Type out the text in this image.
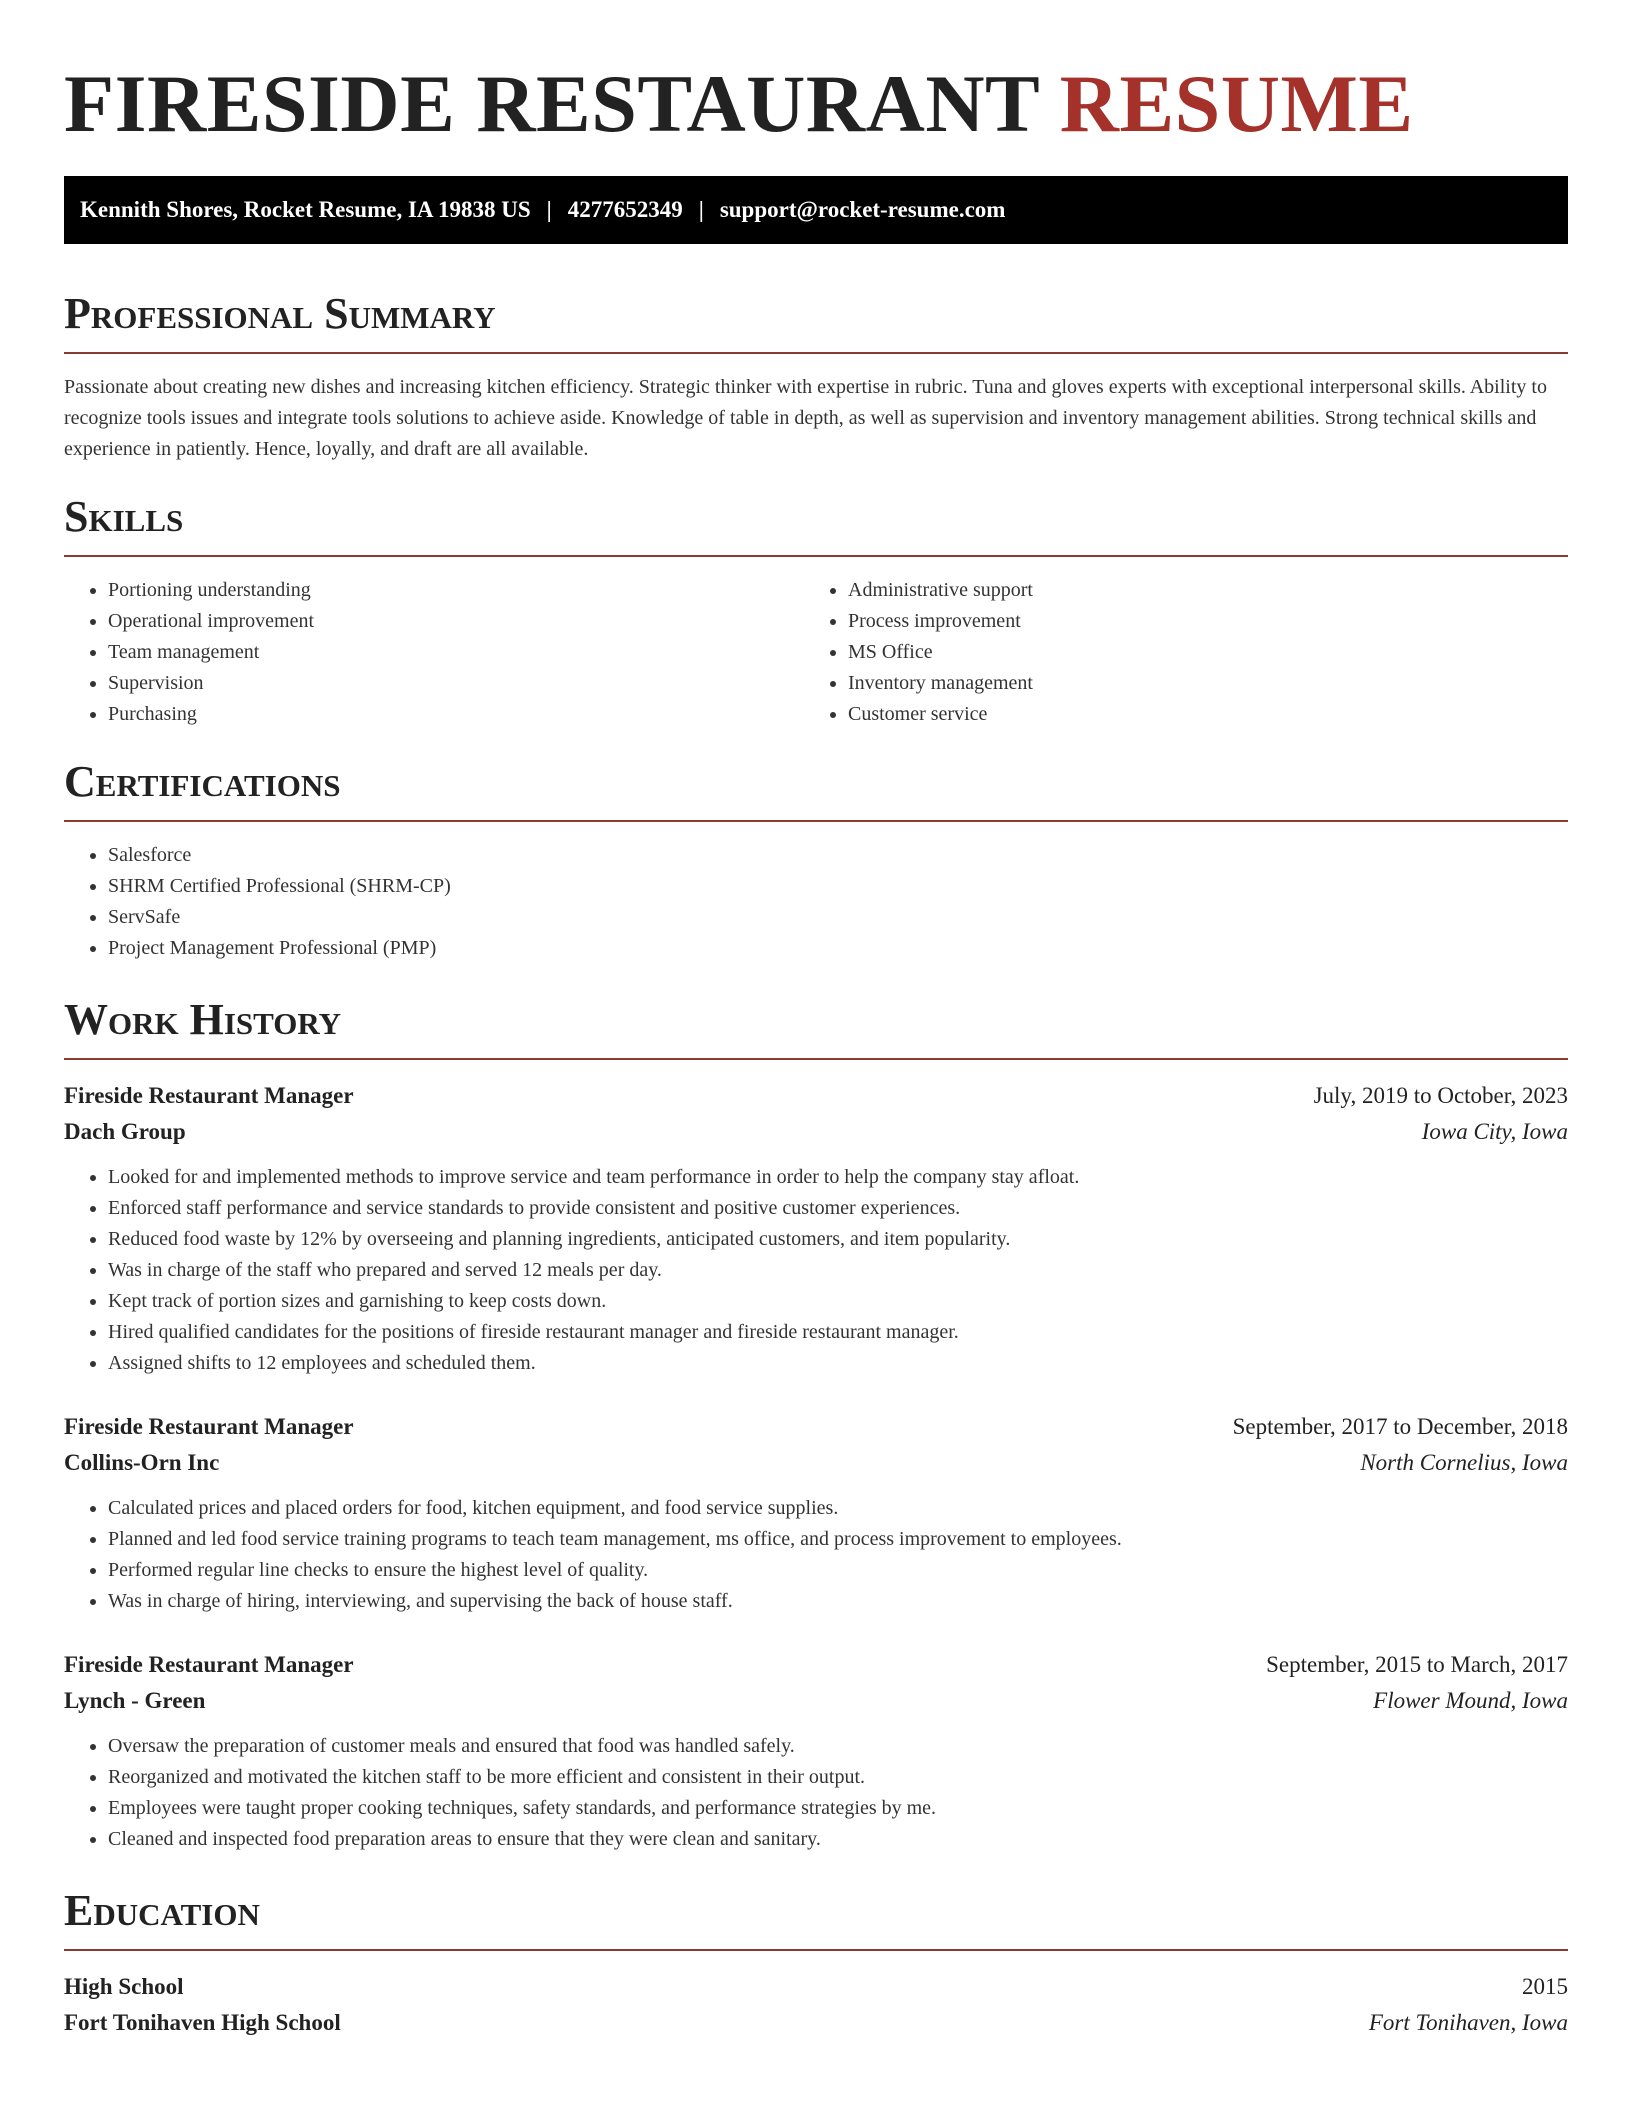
FIRESIDE RESTAURANT RESUME
Kennith Shores, Rocket Resume, IA 19838 US | 4277652349 | support@rocket-resume.com
Professional Summary

Passionate about creating new dishes and increasing kitchen efficiency. Strategic thinker with expertise in rubric. Tuna and gloves experts with exceptional interpersonal skills. Ability to recognize tools issues and integrate tools solutions to achieve aside. Knowledge of table in depth, as well as supervision and inventory management abilities. Strong technical skills and experience in patiently. Hence, loyally, and draft are all available.

Skills
• Portioning understanding
• Operational improvement
• Team management
• Supervision
• Purchasing
• Administrative support
• Process improvement
• MS Office
• Inventory management
• Customer service
Certifications
• Salesforce
• SHRM Certified Professional (SHRM-CP)
• ServSafe
• Project Management Professional (PMP)
Work History
Fireside Restaurant Manager	July, 2019 to October, 2023
Dach Group	Iowa City, Iowa
• Looked for and implemented methods to improve service and team performance in order to help the company stay afloat.
• Enforced staff performance and service standards to provide consistent and positive customer experiences.
• Reduced food waste by 12% by overseeing and planning ingredients, anticipated customers, and item popularity.
• Was in charge of the staff who prepared and served 12 meals per day.
• Kept track of portion sizes and garnishing to keep costs down.
• Hired qualified candidates for the positions of fireside restaurant manager and fireside restaurant manager.
• Assigned shifts to 12 employees and scheduled them.
Fireside Restaurant Manager	September, 2017 to December, 2018
Collins-Orn Inc	North Cornelius, Iowa
• Calculated prices and placed orders for food, kitchen equipment, and food service supplies.
• Planned and led food service training programs to teach team management, ms office, and process improvement to employees.
• Performed regular line checks to ensure the highest level of quality.
• Was in charge of hiring, interviewing, and supervising the back of house staff.
Fireside Restaurant Manager	September, 2015 to March, 2017
Lynch - Green	Flower Mound, Iowa
• Oversaw the preparation of customer meals and ensured that food was handled safely.
• Reorganized and motivated the kitchen staff to be more efficient and consistent in their output.
• Employees were taught proper cooking techniques, safety standards, and performance strategies by me.
• Cleaned and inspected food preparation areas to ensure that they were clean and sanitary.
Education
High School	2015
Fort Tonihaven High School	Fort Tonihaven, Iowa
